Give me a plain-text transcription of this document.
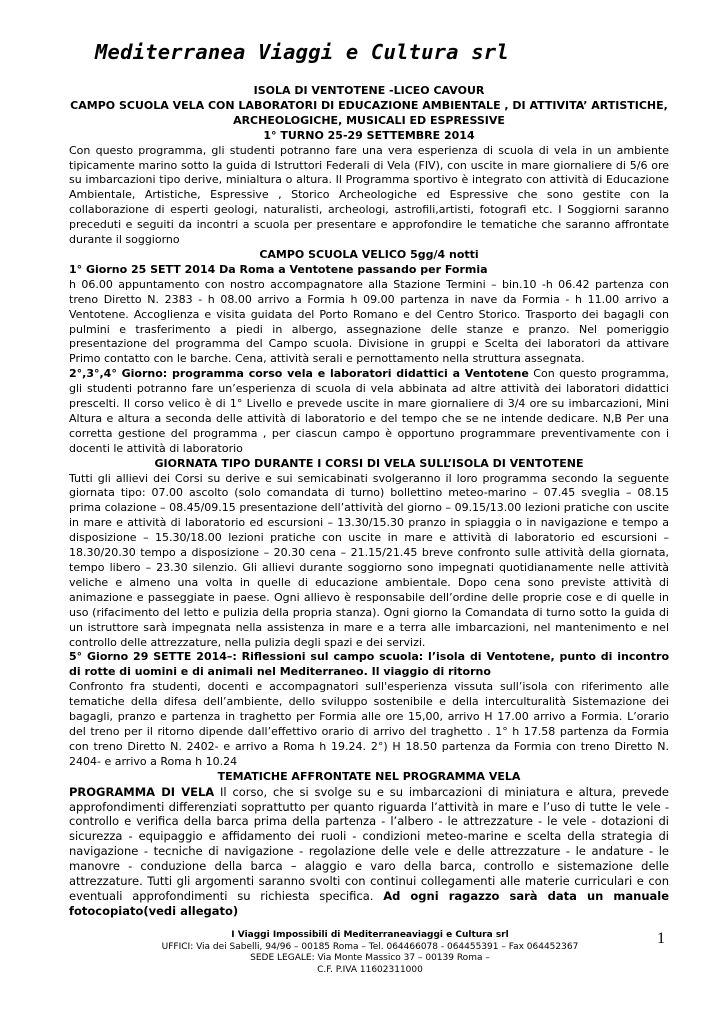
Mediterranea Viaggi e Cultura srl
ISOLA DI VENTOTENE -LICEO CAVOUR
CAMPO SCUOLA VELA CON LABORATORI DI EDUCAZIONE AMBIENTALE , DI ATTIVITA’ ARTISTICHE, ARCHEOLOGICHE, MUSICALI ED ESPRESSIVE
1° TURNO 25-29 SETTEMBRE 2014

Con questo programma, gli studenti potranno fare una vera esperienza di scuola di vela in un ambiente tipicamente marino sotto la guida di Istruttori Federali di Vela (FIV), con uscite in mare giornaliere di 5/6 ore su imbarcazioni tipo derive, minialtura o altura. Il Programma sportivo è integrato con attività di Educazione Ambientale, Artistiche, Espressive , Storico Archeologiche ed Espressive che sono gestite con la collaborazione di esperti geologi, naturalisti, archeologi, astrofili,artisti, fotografi etc. I Soggiorni saranno preceduti e seguiti da incontri a scuola per presentare e approfondire le tematiche che saranno affrontate durante il soggiorno

CAMPO SCUOLA VELICO 5gg/4 notti
1° Giorno 25 SETT 2014 Da Roma a Ventotene passando per Formia

h 06.00 appuntamento con nostro accompagnatore alla Stazione Termini – bin.10 -h 06.42 partenza con treno Diretto N. 2383 - h 08.00 arrivo a Formia h 09.00 partenza in nave da Formia - h 11.00 arrivo a Ventotene. Accoglienza e visita guidata del Porto Romano e del Centro Storico. Trasporto dei bagagli con pulmini e trasferimento a piedi in albergo, assegnazione delle stanze e pranzo. Nel pomeriggio presentazione del programma del Campo scuola. Divisione in gruppi e Scelta dei laboratori da attivare Primo contatto con le barche. Cena, attività serali e pernottamento nella struttura assegnata.

2°,3°,4° Giorno: programma corso vela e laboratori didattici a Ventotene Con questo programma, gli studenti potranno fare un’esperienza di scuola di vela abbinata ad altre attività dei laboratori didattici prescelti. Il corso velico è di 1° Livello e prevede uscite in mare giornaliere di 3/4 ore su imbarcazioni, Mini Altura e altura a seconda delle attività di laboratorio e del tempo che se ne intende dedicare. N,B Per una corretta gestione del programma , per ciascun campo è opportuno programmare preventivamente con i docenti le attività di laboratorio

GIORNATA TIPO DURANTE I CORSI DI VELA SULL’ISOLA DI VENTOTENE

Tutti gli allievi dei Corsi su derive e sui semicabinati svolgeranno il loro programma secondo la seguente giornata tipo: 07.00 ascolto (solo comandata di turno) bollettino meteo-marino – 07.45 sveglia – 08.15 prima colazione – 08.45/09.15 presentazione dell’attività del giorno – 09.15/13.00 lezioni pratiche con uscite in mare e attività di laboratorio ed escursioni – 13.30/15.30 pranzo in spiaggia o in navigazione e tempo a disposizione – 15.30/18.00 lezioni pratiche con uscite in mare e attività di laboratorio ed escursioni – 18.30/20.30 tempo a disposizione – 20.30 cena – 21.15/21.45 breve confronto sulle attività della giornata, tempo libero – 23.30 silenzio. Gli allievi durante soggiorno sono impegnati quotidianamente nelle attività veliche e almeno una volta in quelle di educazione ambientale. Dopo cena sono previste attività di animazione e passeggiate in paese. Ogni allievo è responsabile dell’ordine delle proprie cose e di quelle in uso (rifacimento del letto e pulizia della propria stanza). Ogni giorno la Comandata di turno sotto la guida di un istruttore sarà impegnata nella assistenza in mare e a terra alle imbarcazioni, nel mantenimento e nel controllo delle attrezzature, nella pulizia degli spazi e dei servizi.

5° Giorno 29 SETTE 2014–: Riflessioni sul campo scuola: l’isola di Ventotene, punto di incontro di rotte di uomini e di animali nel Mediterraneo. Il viaggio di ritorno

Confronto fra studenti, docenti e accompagnatori sull'esperienza vissuta sull’isola con riferimento alle tematiche della difesa dell’ambiente, dello sviluppo sostenibile e della interculturalità Sistemazione dei bagagli, pranzo e partenza in traghetto per Formia alle ore 15,00, arrivo H 17.00 arrivo a Formia. L’orario del treno per il ritorno dipende dall’effettivo orario di arrivo del traghetto . 1° h 17.58 partenza da Formia con treno Diretto N. 2402- e arrivo a Roma h 19.24. 2°) H 18.50 partenza da Formia con treno Diretto N. 2404- e arrivo a Roma h 10.24

TEMATICHE AFFRONTATE NEL PROGRAMMA VELA

PROGRAMMA DI VELA Il corso, che si svolge su e su imbarcazioni di miniatura e altura, prevede approfondimenti differenziati soprattutto per quanto riguarda l’attività in mare e l’uso di tutte le vele - controllo e verifica della barca prima della partenza - l’albero - le attrezzature - le vele - dotazioni di sicurezza - equipaggio e affidamento dei ruoli - condizioni meteo-marine e scelta della strategia di navigazione - tecniche di navigazione - regolazione delle vele e delle attrezzature - le andature - le manovre - conduzione della barca – alaggio e varo della barca, controllo e sistemazione delle attrezzature. Tutti gli argomenti saranno svolti con continui collegamenti alle materie curriculari e con eventuali approfondimenti su richiesta specifica. Ad ogni ragazzo sarà data un manuale fotocopiato(vedi allegato)

I Viaggi Impossibili di Mediterraneaviaggi e Cultura srl
UFFICI: Via dei Sabelli, 94/96 – 00185 Roma – Tel. 064466078 - 064455391 – Fax 064452367
SEDE LEGALE: Via Monte Massico 37 – 00139 Roma –
C.F. P.IVA 11602311000
1
